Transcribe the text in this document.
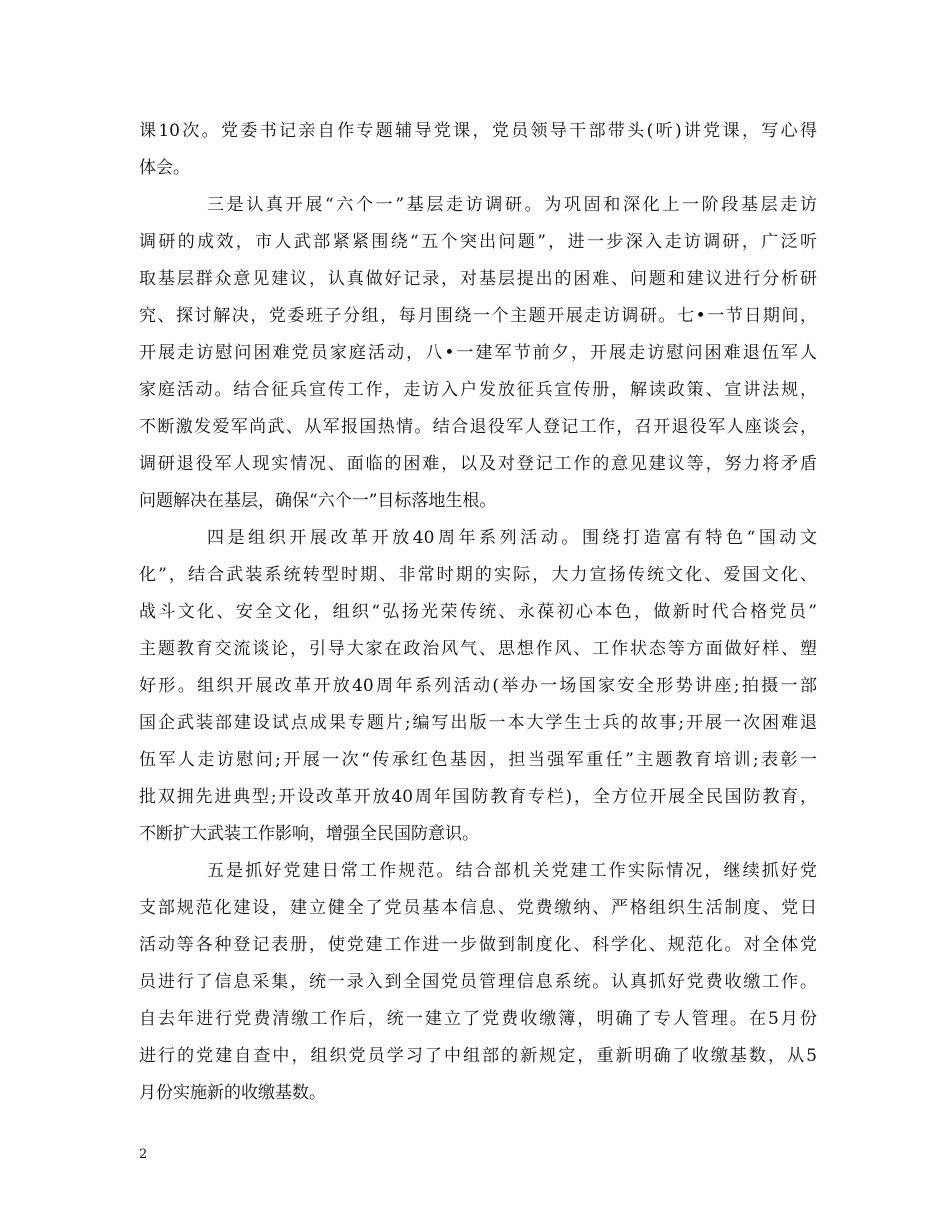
课10次。党委书记亲自作专题辅导党课，党员领导干部带头(听)讲党课，写心得
体会。
三是认真开展“六个一”基层走访调研。为巩固和深化上一阶段基层走访
调研的成效，市人武部紧紧围绕“五个突出问题”，进一步深入走访调研，广泛听
取基层群众意见建议，认真做好记录，对基层提出的困难、问题和建议进行分析研
究、探讨解决，党委班子分组，每月围绕一个主题开展走访调研。七•一节日期间，
开展走访慰问困难党员家庭活动，八•一建军节前夕，开展走访慰问困难退伍军人
家庭活动。结合征兵宣传工作，走访入户发放征兵宣传册，解读政策、宣讲法规，
不断激发爱军尚武、从军报国热情。结合退役军人登记工作，召开退役军人座谈会，
调研退役军人现实情况、面临的困难，以及对登记工作的意见建议等，努力将矛盾
问题解决在基层，确保“六个一”目标落地生根。
四是组织开展改革开放40周年系列活动。围绕打造富有特色“国动文
化”，结合武装系统转型时期、非常时期的实际，大力宣扬传统文化、爱国文化、
战斗文化、安全文化，组织“弘扬光荣传统、永葆初心本色，做新时代合格党员”
主题教育交流谈论，引导大家在政治风气、思想作风、工作状态等方面做好样、塑
好形。组织开展改革开放40周年系列活动(举办一场国家安全形势讲座;拍摄一部
国企武装部建设试点成果专题片;编写出版一本大学生士兵的故事;开展一次困难退
伍军人走访慰问;开展一次“传承红色基因，担当强军重任”主题教育培训;表彰一
批双拥先进典型;开设改革开放40周年国防教育专栏)，全方位开展全民国防教育，
不断扩大武装工作影响，增强全民国防意识。
五是抓好党建日常工作规范。结合部机关党建工作实际情况，继续抓好党
支部规范化建设，建立健全了党员基本信息、党费缴纳、严格组织生活制度、党日
活动等各种登记表册，使党建工作进一步做到制度化、科学化、规范化。对全体党
员进行了信息采集，统一录入到全国党员管理信息系统。认真抓好党费收缴工作。
自去年进行党费清缴工作后，统一建立了党费收缴簿，明确了专人管理。在5月份
进行的党建自查中，组织党员学习了中组部的新规定，重新明确了收缴基数，从5
月份实施新的收缴基数。
2
